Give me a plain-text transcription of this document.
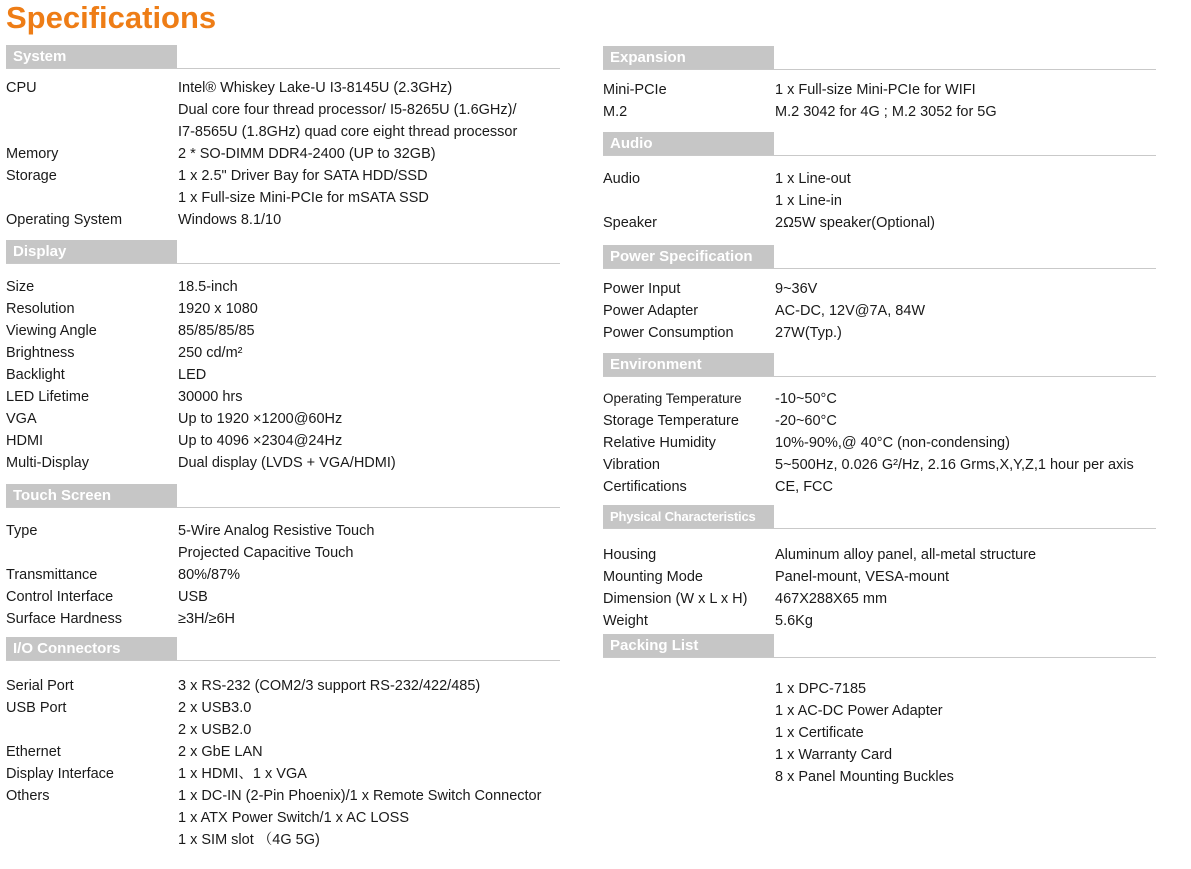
Specifications
System
CPU	Intel® Whiskey Lake-U I3-8145U (2.3GHz)
Dual core four thread processor/ I5-8265U (1.6GHz)/
I7-8565U (1.8GHz) quad core eight thread processor
Memory	2 * SO-DIMM DDR4-2400 (UP to 32GB)
Storage	1 x 2.5" Driver Bay for SATA HDD/SSD
1 x Full-size Mini-PCIe for mSATA SSD
Operating System	Windows 8.1/10
Display
Size	18.5-inch
Resolution	1920 x 1080
Viewing Angle	85/85/85/85
Brightness	250 cd/m²
Backlight	LED
LED Lifetime	30000 hrs
VGA	Up to 1920 ×1200@60Hz
HDMI	Up to 4096 ×2304@24Hz
Multi-Display	Dual display (LVDS + VGA/HDMI)
Touch Screen
Type	5-Wire Analog Resistive Touch
Projected Capacitive Touch
Transmittance	80%/87%
Control Interface	USB
Surface Hardness	≥3H/≥6H
I/O Connectors
Serial Port	3 x RS-232 (COM2/3 support RS-232/422/485)
USB Port	2 x USB3.0
2 x USB2.0
Ethernet	2 x GbE LAN
Display Interface	1 x HDMI、1 x VGA
Others	1 x DC-IN (2-Pin Phoenix)/1 x Remote Switch Connector
1 x ATX Power Switch/1 x AC LOSS
1 x SIM slot （4G 5G)
Expansion
Mini-PCIe	1 x Full-size Mini-PCIe for WIFI
M.2	M.2 3042 for 4G ; M.2 3052 for 5G
Audio
Audio	1 x Line-out
1 x Line-in
Speaker	2Ω5W speaker(Optional)
Power Specification
Power Input	9~36V
Power Adapter	AC-DC, 12V@7A, 84W
Power Consumption	27W(Typ.)
Environment
Operating Temperature -10~50°C
Storage Temperature -20~60°C
Relative Humidity	10%-90%,@ 40°C (non-condensing)
Vibration	5~500Hz, 0.026 G²/Hz, 2.16 Grms,X,Y,Z,1 hour per axis
Certifications	CE, FCC
Physical Characteristics
Housing	Aluminum alloy panel, all-metal structure
Mounting Mode	Panel-mount, VESA-mount
Dimension (W x L x H) 467X288X65 mm
Weight	5.6Kg
Packing List
1 x DPC-7185
1 x AC-DC Power Adapter
1 x Certificate
1 x Warranty Card
8 x Panel Mounting Buckles
